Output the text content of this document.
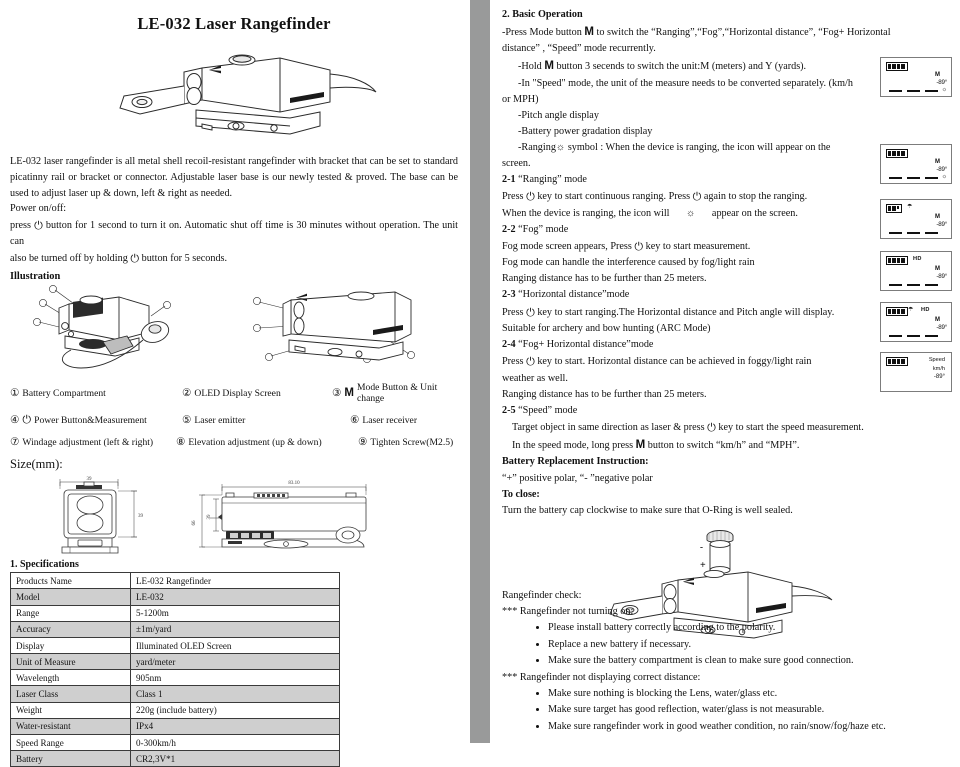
LE-032 Laser Rangefinder
LE-032 laser rangefinder is all metal shell recoil-resistant rangefinder with bracket that can be set to standard picatinny rail or bracket or connector. Adjustable laser base is our newly tested & proved. The base can be used to adjust laser up & down, left & right as needed.
Power on/off:
press ⏻ button for 1 second to turn it on. Automatic shut off time is 30 minutes without operation. The unit can
also be turned off by holding ⏻ button for 5 seconds.
Illustration
① Battery Compartment	② OLED Display Screen	③ M Mode Button & Unit change
④ ⏻ Power Button&Measurement	⑤ Laser emitter	⑥ Laser receiver
⑦ Windage adjustment (left & right) ⑧ Elevation adjustment (up & down)	⑨ Tighten Screw(M2.5)
Size(mm):
39
39
83.10
66
39
1. Specifications
Products Name	LE-032 Rangefinder
Model	LE-032
Range	5-1200m
Accuracy	±1m/yard
Display	Illuminated OLED Screen
Unit of Measure	yard/meter
Wavelength	905nm
Laser Class	Class 1
Weight	220g (include battery)
Water-resistant	IPx4
Speed Range	0-300km/h
Battery	CR2,3V*1
2. Basic Operation
-Press Mode button M to switch the “Ranging”,“Fog”,“Horizontal distance”, “Fog+ Horizontal
distance” , “Speed” mode recurrently.
-Hold M button 3 secends to switch the unit:M (meters) and Y (yards).
-In "Speed" mode, the unit of the measure needs to be converted separately. (km/h
or MPH)
-Pitch angle display
-Battery power gradation display
-Ranging☼ symbol : When the device is ranging, the icon will appear on the
screen.
2-1 “Ranging” mode
Press ⏻ key to start continuous ranging. Press ⏻ again to stop the ranging.
When the device is ranging, the icon will ☼ appear on the screen.
2-2 “Fog” mode
Fog mode screen appears, Press ⏻ key to start measurement.
Fog mode can handle the interference caused by fog/light rain
Ranging distance has to be further than 25 meters.
2-3 “Horizontal distance”mode
Press ⏻ key to start ranging.The Horizontal distance and Pitch angle will display.
Suitable for archery and bow hunting (ARC Mode)
2-4 “Fog+ Horizontal distance”mode
Press ⏻ key to start. Horizontal distance can be achieved in foggy/light rain
weather as well.
Ranging distance has to be further than 25 meters.
2-5 “Speed” mode
Target object in same direction as laser & press ⏻ key to start the speed measurement.
In the speed mode, long press M button to switch “km/h” and “MPH”.
Battery Replacement Instruction:
“+” positive polar, “- ”negative polar
To close:
Turn the battery cap clockwise to make sure that O-Ring is well sealed.
-
+
Rangefinder check:
*** Rangefinder not turning on:
• Please install battery correctly according to the polarity.
• Replace a new battery if necessary.
• Make sure the battery compartment is clean to make sure good connection.
*** Rangefinder not displaying correct distance:
• Make sure nothing is blocking the Lens, water/glass etc.
• Make sure target has good reflection, water/glass is not measurable.
• Make sure rangefinder work in good weather condition, no rain/snow/fog/haze etc.
M
-89°
☼
M
-89°
☼
☂
M
-89°
HD
M
-89°
☂ HD
M
-89°
Speed
km/h
-89°
